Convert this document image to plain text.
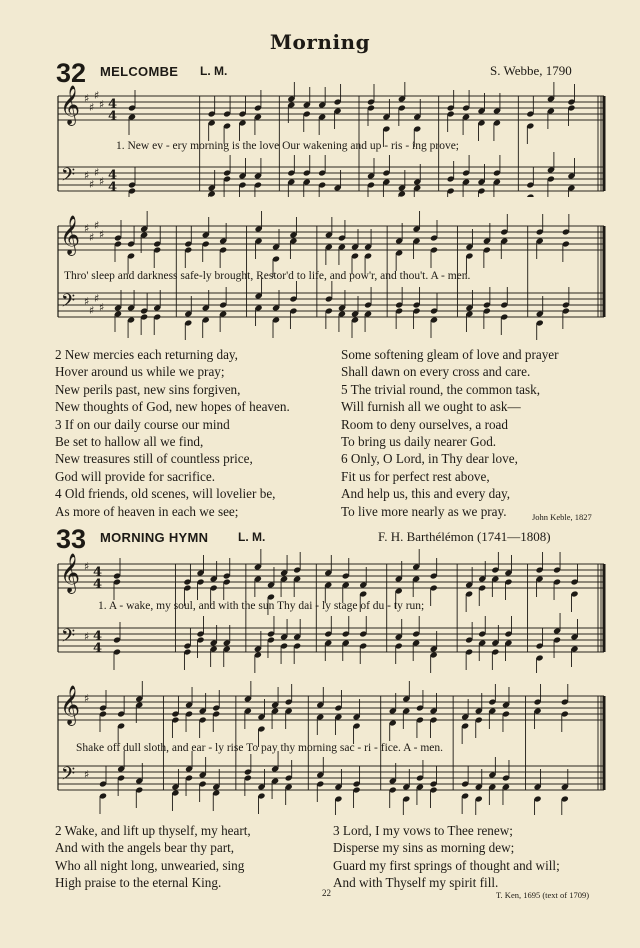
Morning
32 MELCOMBE L. M.	S. Webbe, 1790
𝄞
𝄢
♯
♯
♯
♯
♯
♯
♯
♯
4
4
4
4
1. New ev - ery morning is the love Our wakening and up - ris - ing prove;
𝄞
𝄢
♯
♯
♯
♯
♯
♯
♯
♯
Thro' sleep and darkness safe-ly brought, Restor'd to life, and pow'r, and thou't. A - men.
2 New mercies each returning day,
Hover around us while we pray;
New perils past, new sins forgiven,
New thoughts of God, new hopes of heaven.
3 If on our daily course our mind
Be set to hallow all we find,
New treasures still of countless price,
God will provide for sacrifice.
4 Old friends, old scenes, will lovelier be,
As more of heaven in each we see;
Some softening gleam of love and prayer
Shall dawn on every cross and care.
5 The trivial round, the common task,
Will furnish all we ought to ask—
Room to deny ourselves, a road
To bring us daily nearer God.
6 Only, O Lord, in Thy dear love,
Fit us for perfect rest above,
And help us, this and every day,
To live more nearly as we pray.	John Keble, 1827
33 MORNING HYMN L. M.	F. H. Barthélémon (1741—1808)
𝄞
𝄢
♯
♯
4
4
4
4
1. A - wake, my soul, and with the sun Thy dai - ly stage of du - ty run;
𝄞
𝄢
♯
♯
Shake off dull sloth, and ear - ly rise To pay thy morning sac - ri - fice. A - men.
2 Wake, and lift up thyself, my heart,
And with the angels bear thy part,
Who all night long, unwearied, sing
High praise to the eternal King.
3 Lord, I my vows to Thee renew;
Disperse my sins as morning dew;
Guard my first springs of thought and will;
And with Thyself my spirit fill.
22	T. Ken, 1695 (text of 1709)
